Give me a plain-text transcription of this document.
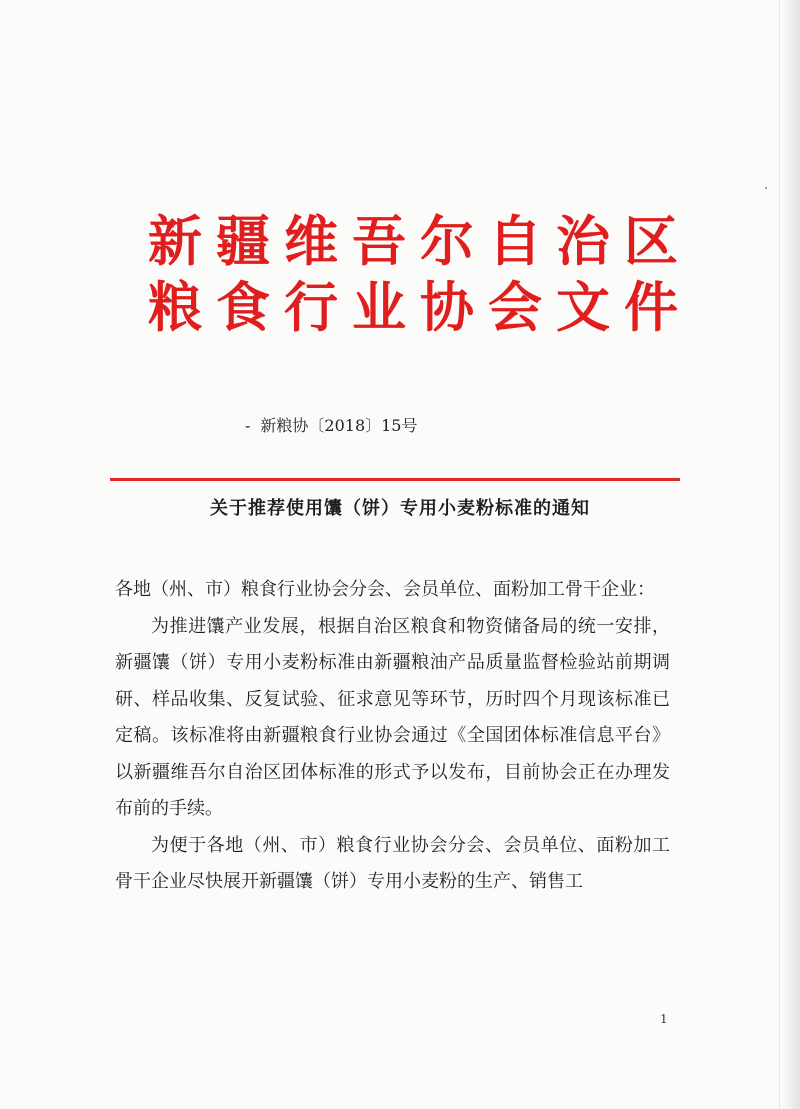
新疆维吾尔自治区
粮食行业协会文件
- 新粮协〔2018〕15号
关于推荐使用馕（饼）专用小麦粉标准的通知

各地（州、市）粮食行业协会分会、会员单位、面粉加工骨干企业：

为推进馕产业发展，根据自治区粮食和物资储备局的统一安排，新疆馕（饼）专用小麦粉标准由新疆粮油产品质量监督检验站前期调研、样品收集、反复试验、征求意见等环节，历时四个月现该标准已定稿。该标准将由新疆粮食行业协会通过《全国团体标准信息平台》以新疆维吾尔自治区团体标准的形式予以发布，目前协会正在办理发布前的手续。

为便于各地（州、市）粮食行业协会分会、会员单位、面粉加工骨干企业尽快展开新疆馕（饼）专用小麦粉的生产、销售工

1
